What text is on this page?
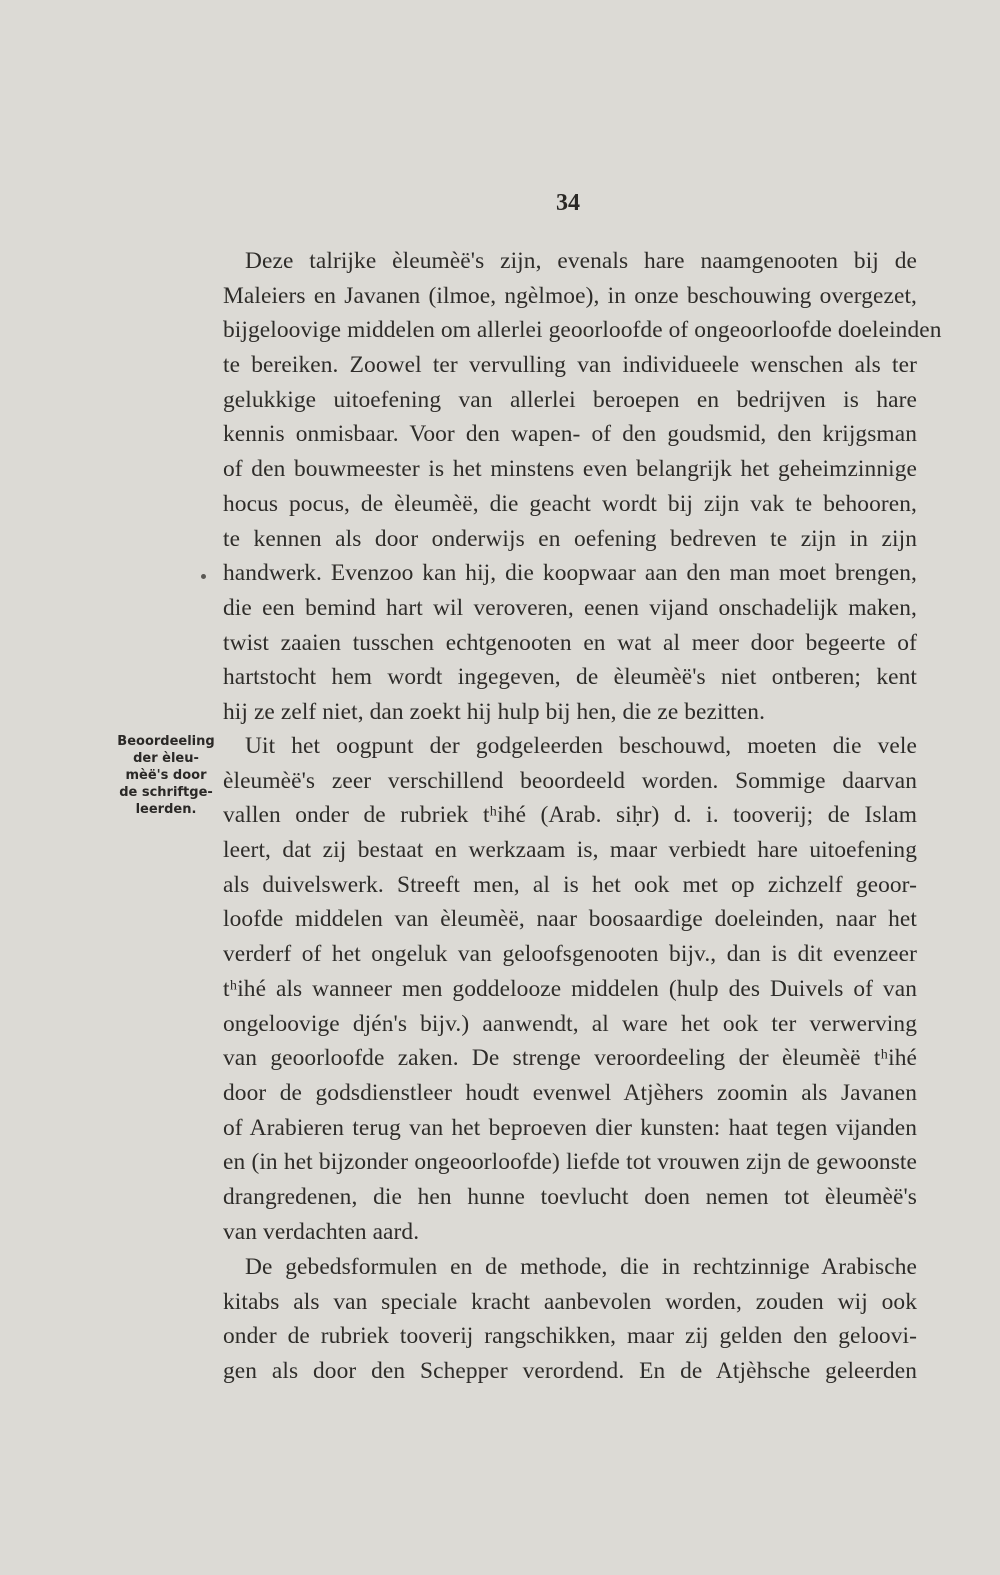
34
Beoordeeling
der èleu-
mèë's door
de schriftge-
leerden.
Deze talrijke èleumèë's zijn, evenals hare naamgenooten bij de
Maleiers en Javanen (ilmoe, ngèlmoe), in onze beschouwing overgezet,
bijgeloovige middelen om allerlei geoorloofde of ongeoorloofde doeleinden
te bereiken. Zoowel ter vervulling van individueele wenschen als ter
gelukkige uitoefening van allerlei beroepen en bedrijven is hare
kennis onmisbaar. Voor den wapen- of den goudsmid, den krijgsman
of den bouwmeester is het minstens even belangrijk het geheimzinnige
hocus pocus, de èleumèë, die geacht wordt bij zijn vak te behooren,
te kennen als door onderwijs en oefening bedreven te zijn in zijn
handwerk. Evenzoo kan hij, die koopwaar aan den man moet brengen,
die een bemind hart wil veroveren, eenen vijand onschadelijk maken,
twist zaaien tusschen echtgenooten en wat al meer door begeerte of
hartstocht hem wordt ingegeven, de èleumèë's niet ontberen; kent
hij ze zelf niet, dan zoekt hij hulp bij hen, die ze bezitten.
Uit het oogpunt der godgeleerden beschouwd, moeten die vele
èleumèë's zeer verschillend beoordeeld worden. Sommige daarvan
vallen onder de rubriek tʰihé (Arab. siḥr) d. i. tooverij; de Islam
leert, dat zij bestaat en werkzaam is, maar verbiedt hare uitoefening
als duivelswerk. Streeft men, al is het ook met op zichzelf geoor-
loofde middelen van èleumèë, naar boosaardige doeleinden, naar het
verderf of het ongeluk van geloofsgenooten bijv., dan is dit evenzeer
tʰihé als wanneer men goddelooze middelen (hulp des Duivels of van
ongeloovige djén's bijv.) aanwendt, al ware het ook ter verwerving
van geoorloofde zaken. De strenge veroordeeling der èleumèë tʰihé
door de godsdienstleer houdt evenwel Atjèhers zoomin als Javanen
of Arabieren terug van het beproeven dier kunsten: haat tegen vijanden
en (in het bijzonder ongeoorloofde) liefde tot vrouwen zijn de gewoonste
drangredenen, die hen hunne toevlucht doen nemen tot èleumèë's
van verdachten aard.
De gebedsformulen en de methode, die in rechtzinnige Arabische
kitabs als van speciale kracht aanbevolen worden, zouden wij ook
onder de rubriek tooverij rangschikken, maar zij gelden den geloovi-
gen als door den Schepper verordend. En de Atjèhsche geleerden
